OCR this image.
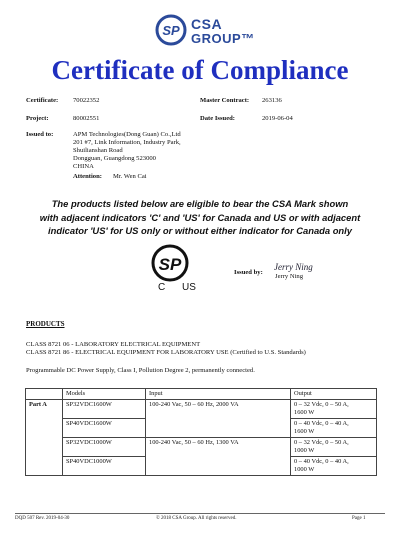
SP CSA
GROUP™
Certificate of Compliance
Certificate: 70022352	Master Contract: 263136
Project:	80002551	Date Issued:	2019-06-04
Issued to:	APM Technologies(Dong Guan) Co.,Ltd
201 #7, Link Information, Industry Park,
Shuilianshan Road
Dongguan, Guangdong 523000
CHINA
Attention: Mr. Wen Cai
The products listed below are eligible to bear the CSA Mark shown
with adjacent indicators 'C' and 'US' for Canada and US or with adjacent
indicator 'US' for US only or without either indicator for Canada only
SP
C US
Issued by:
Jerry Ning
Jerry Ning
PRODUCTS
CLASS 8721 06 - LABORATORY ELECTRICAL EQUIPMENT
CLASS 8721 86 - ELECTRICAL EQUIPMENT FOR LABORATORY USE (Certified to U.S. Standards)
Programmable DC Power Supply, Class I, Pollution Degree 2, permanently connected.
	Models	Input	Output
Part A	SP32VDC1600W	100-240 Vac, 50 – 60 Hz, 2000 VA	0 – 32 Vdc, 0 – 50 A,
1600 W
	SP40VDC1600W		0 – 40 Vdc, 0 – 40 A,
1600 W
	SP32VDC1000W	100-240 Vac, 50 – 60 Hz, 1300 VA	0 – 32 Vdc, 0 – 50 A,
1000 W
	SP40VDC1000W		0 – 40 Vdc, 0 – 40 A,
1000 W
DQD 507 Rev. 2019-04-30	© 2018 CSA Group. All rights reserved.	Page 1
